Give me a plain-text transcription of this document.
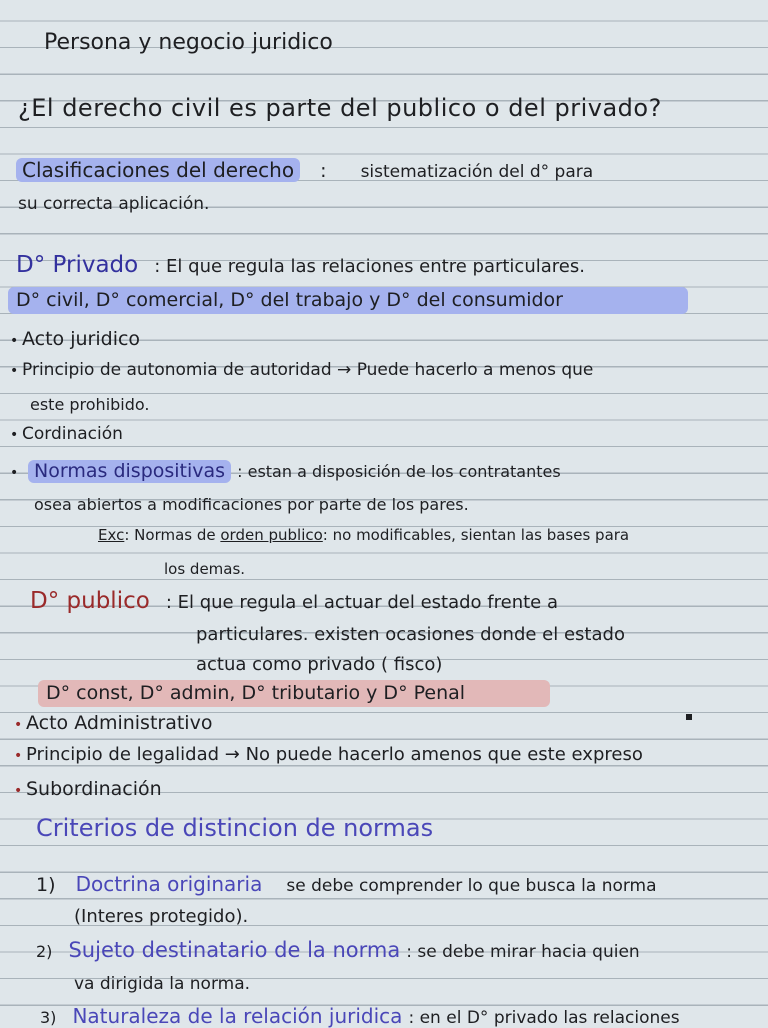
Persona y negocio juridico
¿El derecho civil es parte del publico o del privado?
Clasificaciones del derecho : sistematización del d° para
su correcta aplicación.
D° Privado : El que regula las relaciones entre particulares.
D° civil, D° comercial, D° del trabajo y D° del consumidor
• Acto juridico
• Principio de autonomia de autoridad → Puede hacerlo a menos que
este prohibido.
• Cordinación
• Normas dispositivas : estan a disposición de los contratantes
osea abiertos a modificaciones por parte de los pares.
Exc: Normas de orden publico: no modificables, sientan las bases para
los demas.
D° publico : El que regula el actuar del estado frente a
particulares. existen ocasiones donde el estado
actua como privado ( fisco)
D° const, D° admin, D° tributario y D° Penal
• Acto Administrativo
• Principio de legalidad → No puede hacerlo amenos que este expreso
• Subordinación
Criterios de distincion de normas
1) Doctrina originaria se debe comprender lo que busca la norma
(Interes protegido).
2) Sujeto destinatario de la norma : se debe mirar hacia quien
va dirigida la norma.
3) Naturaleza de la relación juridica : en el D° privado las relaciones
